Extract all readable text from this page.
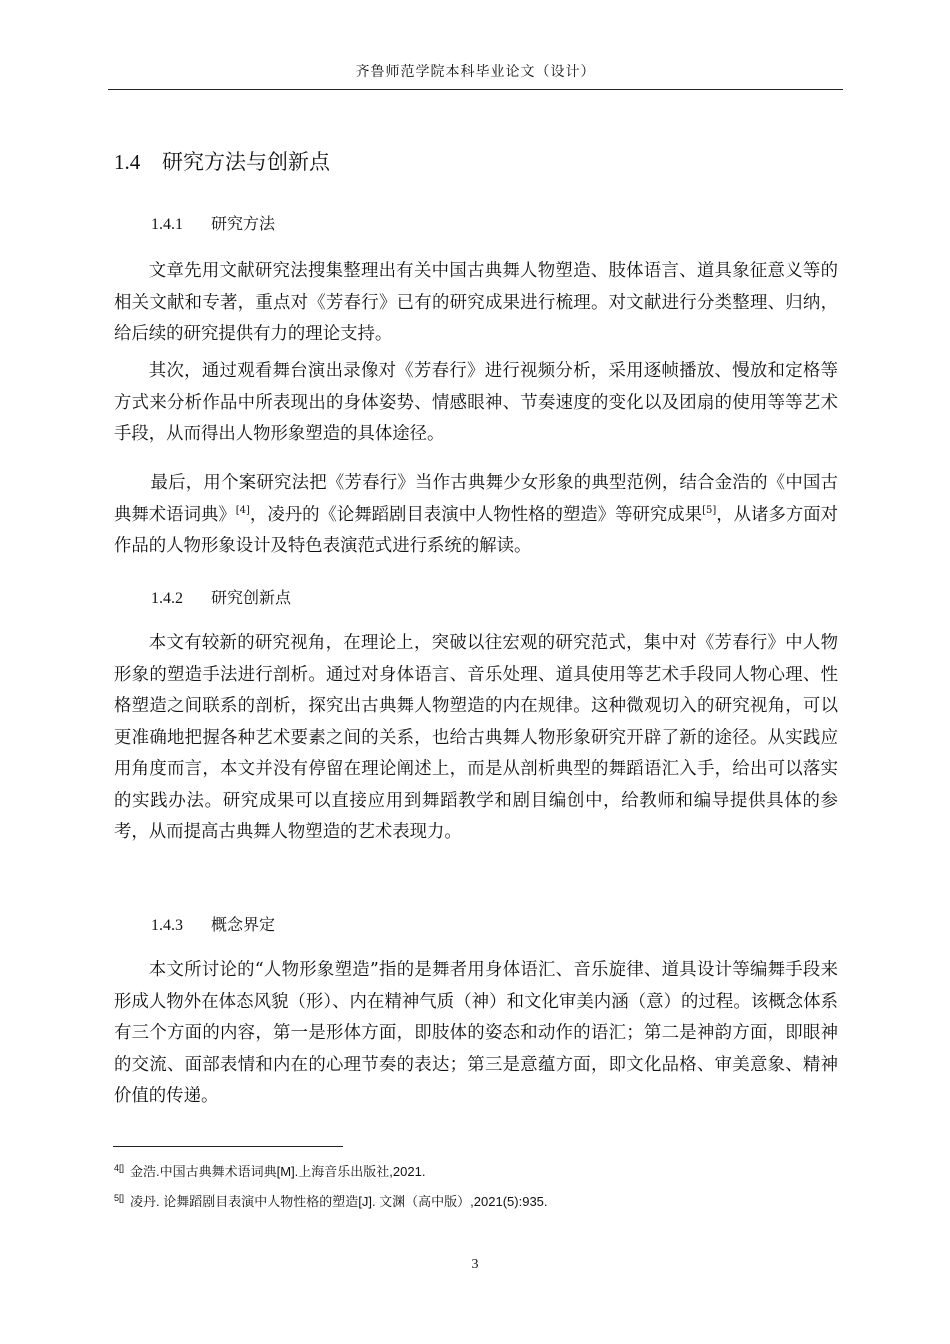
齐鲁师范学院本科毕业论文（设计）
1.4 研究方法与创新点
1.4.1 研究方法

文章先用文献研究法搜集整理出有关中国古典舞人物塑造、肢体语言、道具象征意义等的相关文献和专著，重点对《芳春行》已有的研究成果进行梳理。对文献进行分类整理、归纳，给后续的研究提供有力的理论支持。

其次，通过观看舞台演出录像对《芳春行》进行视频分析，采用逐帧播放、慢放和定格等方式来分析作品中所表现出的身体姿势、情感眼神、节奏速度的变化以及团扇的使用等等艺术手段，从而得出人物形象塑造的具体途径。

最后，用个案研究法把《芳春行》当作古典舞少女形象的典型范例，结合金浩的《中国古典舞术语词典》[4]，凌丹的《论舞蹈剧目表演中人物性格的塑造》等研究成果[5]，从诸多方面对作品的人物形象设计及特色表演范式进行系统的解读。

1.4.2 研究创新点

本文有较新的研究视角，在理论上，突破以往宏观的研究范式，集中对《芳春行》中人物形象的塑造手法进行剖析。通过对身体语言、音乐处理、道具使用等艺术手段同人物心理、性格塑造之间联系的剖析，探究出古典舞人物塑造的内在规律。这种微观切入的研究视角，可以更准确地把握各种艺术要素之间的关系，也给古典舞人物形象研究开辟了新的途径。从实践应用角度而言，本文并没有停留在理论阐述上，而是从剖析典型的舞蹈语汇入手，给出可以落实的实践办法。研究成果可以直接应用到舞蹈教学和剧目编创中，给教师和编导提供具体的参考，从而提高古典舞人物塑造的艺术表现力。

1.4.3 概念界定

本文所讨论的“人物形象塑造”指的是舞者用身体语汇、音乐旋律、道具设计等编舞手段来形成人物外在体态风貌（形）、内在精神气质（神）和文化审美内涵（意）的过程。该概念体系有三个方面的内容，第一是形体方面，即肢体的姿态和动作的语汇；第二是神韵方面，即眼神的交流、面部表情和内在的心理节奏的表达；第三是意蕴方面，即文化品格、审美意象、精神价值的传递。

$^{4[]}$ 金浩.中国古典舞术语词典[M].上海音乐出版社,2021.
$^{5[]}$ 凌丹. 论舞蹈剧目表演中人物性格的塑造[J]. 文渊（高中版）,2021(5):935.
3
